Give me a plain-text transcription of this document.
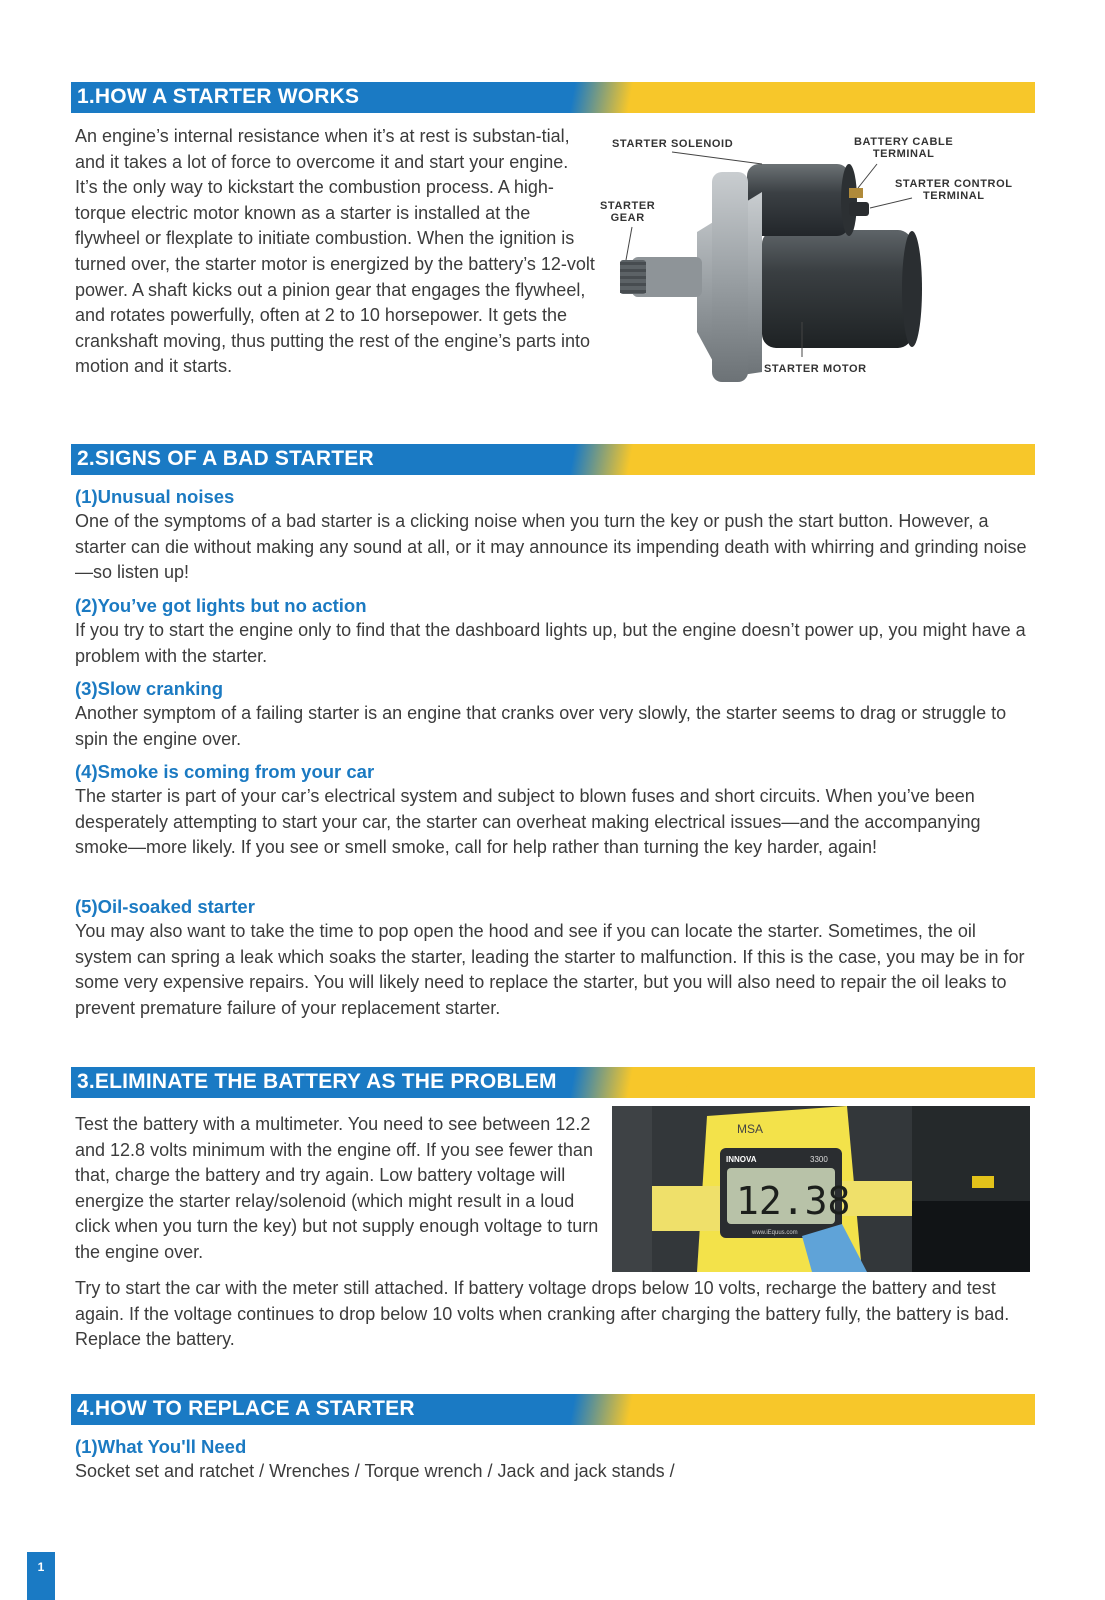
1.HOW A STARTER WORKS
An engine’s internal resistance when it’s at rest is substan-tial, and it takes a lot of force to overcome it and start your engine. It’s the only way to kickstart the combustion process. A high-torque electric motor known as a starter is installed at the flywheel or flexplate to initiate combustion. When the ignition is turned over, the starter motor is energized by the battery’s 12-volt power. A shaft kicks out a pinion gear that engages the flywheel, and rotates powerfully, often at 2 to 10 horsepower. It gets the crankshaft moving, thus putting the rest of the engine’s parts into motion and it starts.
STARTER SOLENOID	BATTERY CABLE
TERMINAL
STARTER CONTROL
TERMINAL
STARTER
GEAR
STARTER MOTOR
2.SIGNS OF A BAD STARTER
(1)Unusual noises
One of the symptoms of a bad starter is a clicking noise when you turn the key or push the start button. However, a starter can die without making any sound at all, or it may announce its impending death with whirring and grinding noise—so listen up!
(2)You’ve got lights but no action
If you try to start the engine only to find that the dashboard lights up, but the engine doesn’t power up, you might have a problem with the starter.
(3)Slow cranking
Another symptom of a failing starter is an engine that cranks over very slowly, the starter seems to drag or struggle to spin the engine over.
(4)Smoke is coming from your car
The starter is part of your car’s electrical system and subject to blown fuses and short circuits. When you’ve been desperately attempting to start your car, the starter can overheat making electrical issues—and the accompanying smoke—more likely. If you see or smell smoke, call for help rather than turning the key harder, again!
(5)Oil-soaked starter
You may also want to take the time to pop open the hood and see if you can locate the starter. Sometimes, the oil system can spring a leak which soaks the starter, leading the starter to malfunction. If this is the case, you may be in for some very expensive repairs. You will likely need to replace the starter, but you will also need to repair the oil leaks to prevent premature failure of your replacement starter.
3.ELIMINATE THE BATTERY AS THE PROBLEM
Test the battery with a multimeter. You need to see between 12.2 and 12.8 volts minimum with the engine off. If you see fewer than that, charge the battery and try again. Low battery voltage will energize the starter relay/solenoid (which might result in a loud click when you turn the key) but not supply enough voltage to turn the engine over.
MSA
INNOVA	3300
12.38
www.iEquus.com
Try to start the car with the meter still attached. If battery voltage drops below 10 volts, recharge the battery and test again. If the voltage continues to drop below 10 volts when cranking after charging the battery fully, the battery is bad. Replace the battery.
4.HOW TO REPLACE A STARTER
(1)What You'll Need
Socket set and ratchet / Wrenches / Torque wrench / Jack and jack stands /
1
